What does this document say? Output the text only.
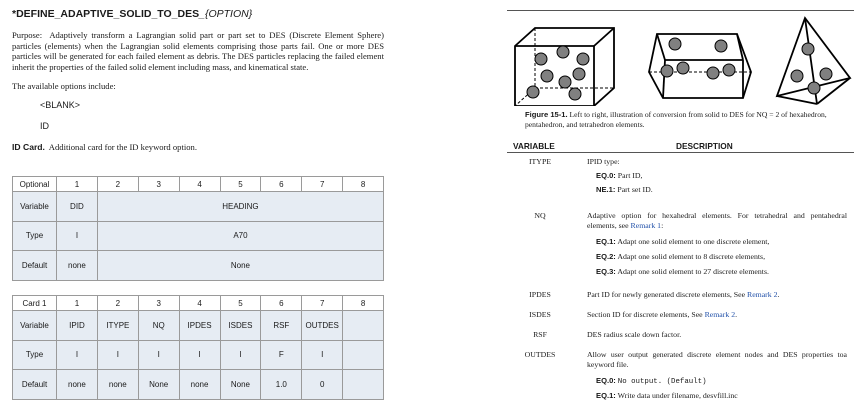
*DEFINE_ADAPTIVE_SOLID_TO_DES_{OPTION}
Purpose: Adaptively transform a Lagrangian solid part or part set to DES (Discrete Element Sphere) particles (elements) when the Lagrangian solid elements comprising those parts fail. One or more DES particles will be generated for each failed element as debris. The DES particles replacing the failed element inherit the properties of the failed solid element including mass, and kinematical state.
The available options include:
<BLANK>
ID
ID Card. Additional card for the ID keyword option.
Optional	1	2	3	4	5	6	7	8
Variable	DID	HEADING						
Type	I	A70						
Default	none	None						
Card 1	1	2	3	4	5	6	7	8
Variable	IPID	ITYPE	NQ	IPDES	ISDES	RSF	OUTDES	
Type	I	I	I	I	I	F	I	
Default	none	none	None	none	None	1.0	0	
Figure 15-1. Left to right, illustration of conversion from solid to DES for NQ = 2 of hexahedron, pentahedron, and tetrahedron elements.
VARIABLE	DESCRIPTION
ITYPE	IPID type:
EQ.0: Part ID,
NE.1: Part set ID.
NQ	Adaptive option for hexahedral elements. For tetrahedral and pentahedral elements, see Remark 1:
EQ.1: Adapt one solid element to one discrete element,
EQ.2: Adapt one solid element to 8 discrete elements,
EQ.3: Adapt one solid element to 27 discrete elements.
IPDES	Part ID for newly generated discrete elements, See Remark 2.
ISDES	Section ID for discrete elements, See Remark 2.
RSF	DES radius scale down factor.
OUTDES	Allow user output generated discrete element nodes and DES properties toa keyword file.
EQ.0: No output. (Default)
EQ.1: Write data under filename, desvfill.inc
